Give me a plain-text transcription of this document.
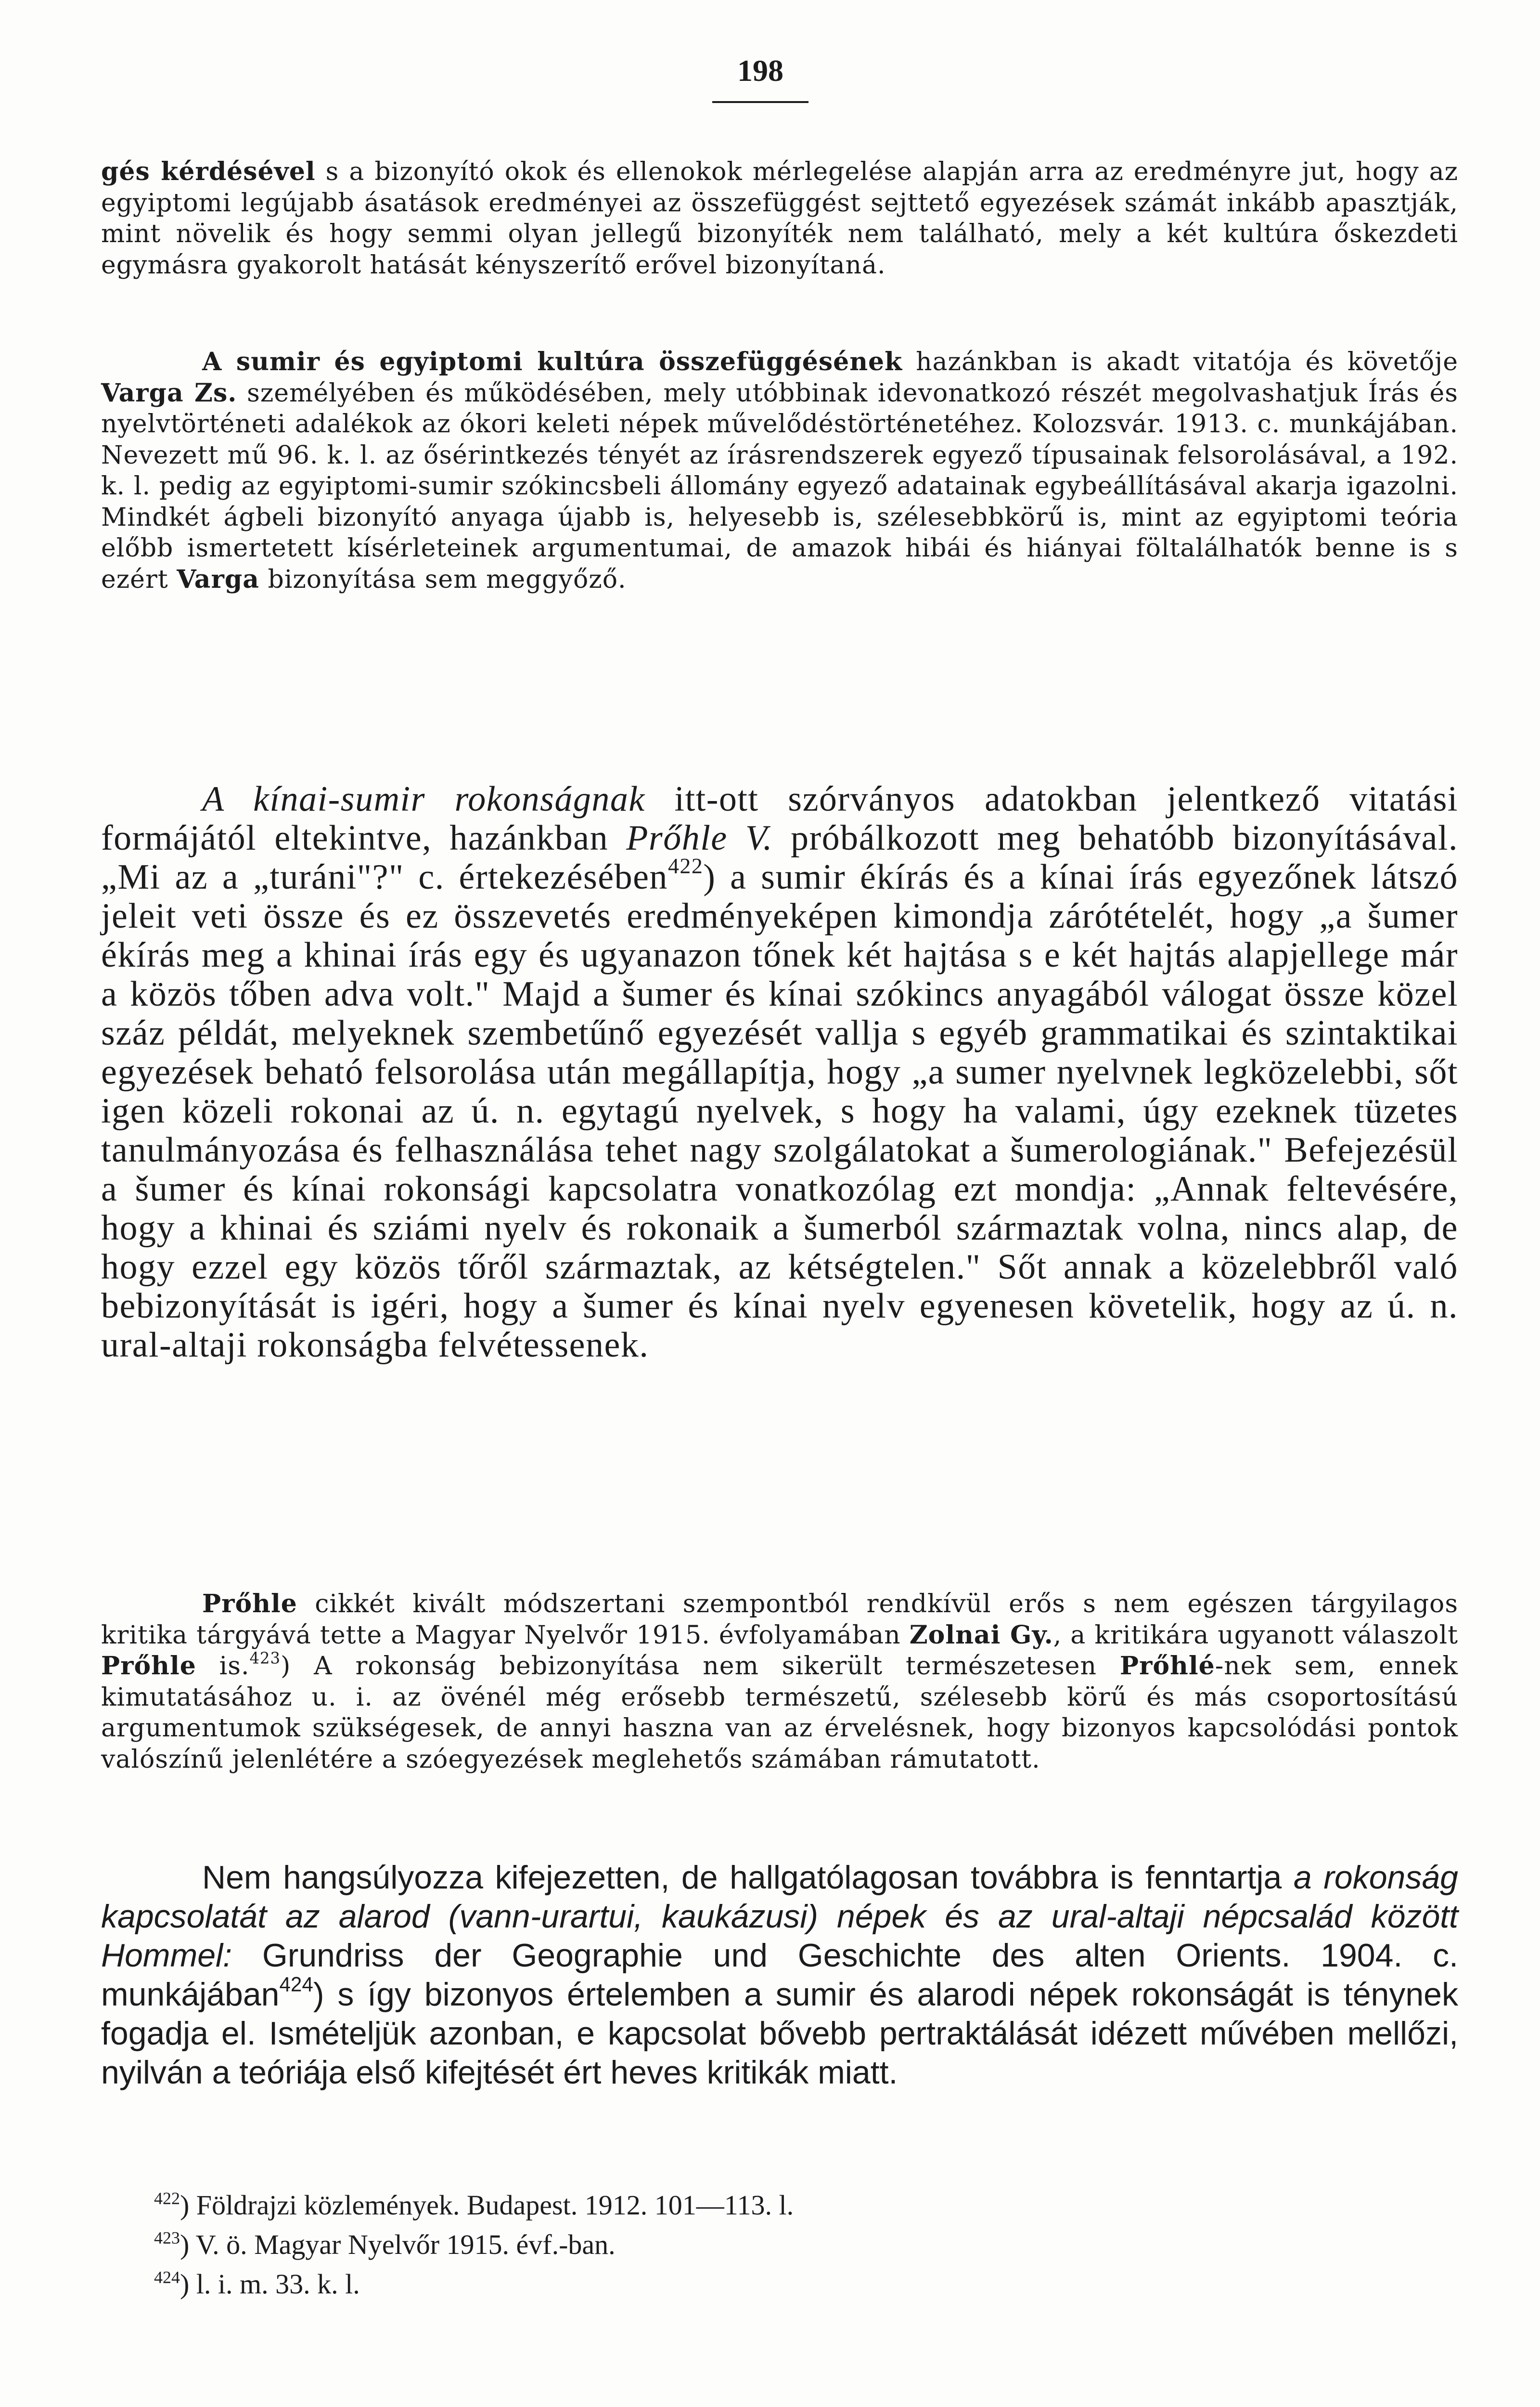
198
gés kérdésével s a bizonyító okok és ellenokok mérlegelése alapján arra az eredményre jut, hogy az egyiptomi legújabb ásatások eredményei az összefüggést sejttető egyezések számát inkább apasztják, mint növelik és hogy semmi olyan jellegű bizonyíték nem található, mely a két kultúra őskezdeti egymásra gyakorolt hatását kényszerítő erővel bizonyítaná.
A sumir és egyiptomi kultúra összefüggésének hazánkban is akadt vitatója és követője Varga Zs. személyében és működésében, mely utóbbinak idevonatkozó részét megolvashatjuk Írás és nyelvtörténeti adalékok az ókori keleti népek művelődéstörténetéhez. Kolozsvár. 1913. c. munkájában. Nevezett mű 96. k. l. az ősérintkezés tényét az írásrendszerek egyező típusainak felsorolásával, a 192. k. l. pedig az egyiptomi-sumir szókincsbeli állomány egyező adatainak egybeállításával akarja igazolni. Mindkét ágbeli bizonyító anyaga újabb is, helyesebb is, szélesebbkörű is, mint az egyiptomi teória előbb ismertetett kísérleteinek argumentumai, de amazok hibái és hiányai föltalálhatók benne is s ezért Varga bizonyítása sem meggyőző.
A kínai-sumir rokonságnak itt-ott szórványos adatokban jelentkező vitatási formájától eltekintve, hazánkban Prőhle V. próbálkozott meg behatóbb bizonyításával. „Mi az a „turáni"?" c. értekezésében$^{422}$) a sumir ékírás és a kínai írás egyezőnek látszó jeleit veti össze és ez összevetés eredményeképen kimondja zárótételét, hogy „a šumer ékírás meg a khinai írás egy és ugyanazon tőnek két hajtása s e két hajtás alapjellege már a közös tőben adva volt." Majd a šumer és kínai szókincs anyagából válogat össze közel száz példát, melyeknek szembetűnő egyezését vallja s egyéb grammatikai és szintaktikai egyezések beható felsorolása után megállapítja, hogy „a sumer nyelvnek legközelebbi, sőt igen közeli rokonai az ú. n. egytagú nyelvek, s hogy ha valami, úgy ezeknek tüzetes tanulmányozása és felhasználása tehet nagy szolgálatokat a šumerologiának." Befejezésül a šumer és kínai rokonsági kapcsolatra vonatkozólag ezt mondja: „Annak feltevésére, hogy a khinai és sziámi nyelv és rokonaik a šumerból származtak volna, nincs alap, de hogy ezzel egy közös tőről származtak, az kétségtelen." Sőt annak a közelebbről való bebizonyítását is igéri, hogy a šumer és kínai nyelv egyenesen követelik, hogy az ú. n. ural-altaji rokonságba felvétessenek.
Prőhle cikkét kivált módszertani szempontból rendkívül erős s nem egészen tárgyilagos kritika tárgyává tette a Magyar Nyelvőr 1915. évfolyamában Zolnai Gy., a kritikára ugyanott válaszolt Prőhle is.$^{423}$) A rokonság bebizonyítása nem sikerült természetesen Prőhlé-nek sem, ennek kimutatásához u. i. az övénél még erősebb természetű, szélesebb körű és más csoportosítású argumentumok szükségesek, de annyi haszna van az érvelésnek, hogy bizonyos kapcsolódási pontok valószínű jelenlétére a szóegyezések meglehetős számában rámutatott.
Nem hangsúlyozza kifejezetten, de hallgatólagosan továbbra is fenntartja a rokonság kapcsolatát az alarod (vann-urartui, kaukázusi) népek és az ural-altaji népcsalád között Hommel: Grundriss der Geographie und Geschichte des alten Orients. 1904. c. munkájában$^{424}$) s így bizonyos értelemben a sumir és alarodi népek rokonságát is ténynek fogadja el. Ismételjük azonban, e kapcsolat bővebb pertraktálását idézett művében mellőzi, nyilván a teóriája első kifejtését ért heves kritikák miatt.
$^{422}$) Földrajzi közlemények. Budapest. 1912. 101—113. l.
$^{423}$) V. ö. Magyar Nyelvőr 1915. évf.-ban.
$^{424}$) l. i. m. 33. k. l.
